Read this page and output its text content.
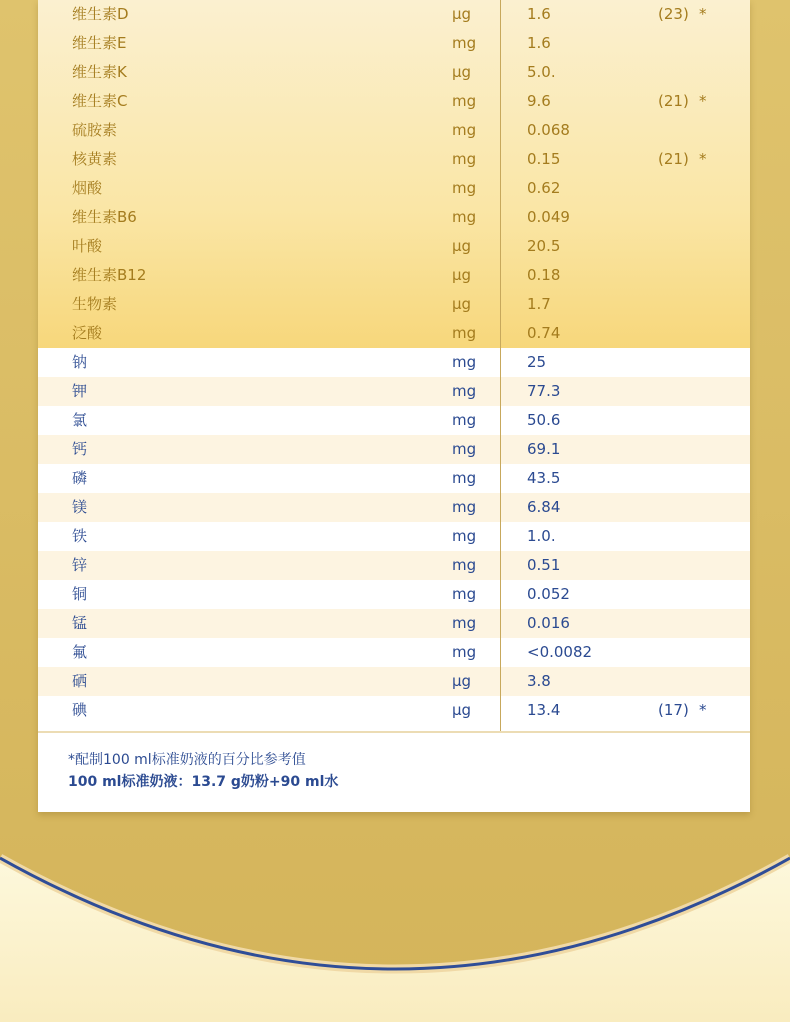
维生素D	μg	1.6	(23) *
维生素E	mg	1.6
维生素K	μg	5.0.
维生素C	mg	9.6	(21) *
硫胺素	mg	0.068
核黄素	mg	0.15	(21) *
烟酸	mg	0.62
维生素B6	mg	0.049
叶酸	μg	20.5
维生素B12	μg	0.18
生物素	μg	1.7
泛酸	mg	0.74
钠	mg	25
钾	mg	77.3
氯	mg	50.6
钙	mg	69.1
磷	mg	43.5
镁	mg	6.84
铁	mg	1.0.
锌	mg	0.51
铜	mg	0.052
锰	mg	0.016
氟	mg	<0.0082
硒	μg	3.8
碘	μg	13.4	(17) *
*配制100 ml标准奶液的百分比参考值
100 ml标准奶液：13.7 g奶粉+90 ml水
